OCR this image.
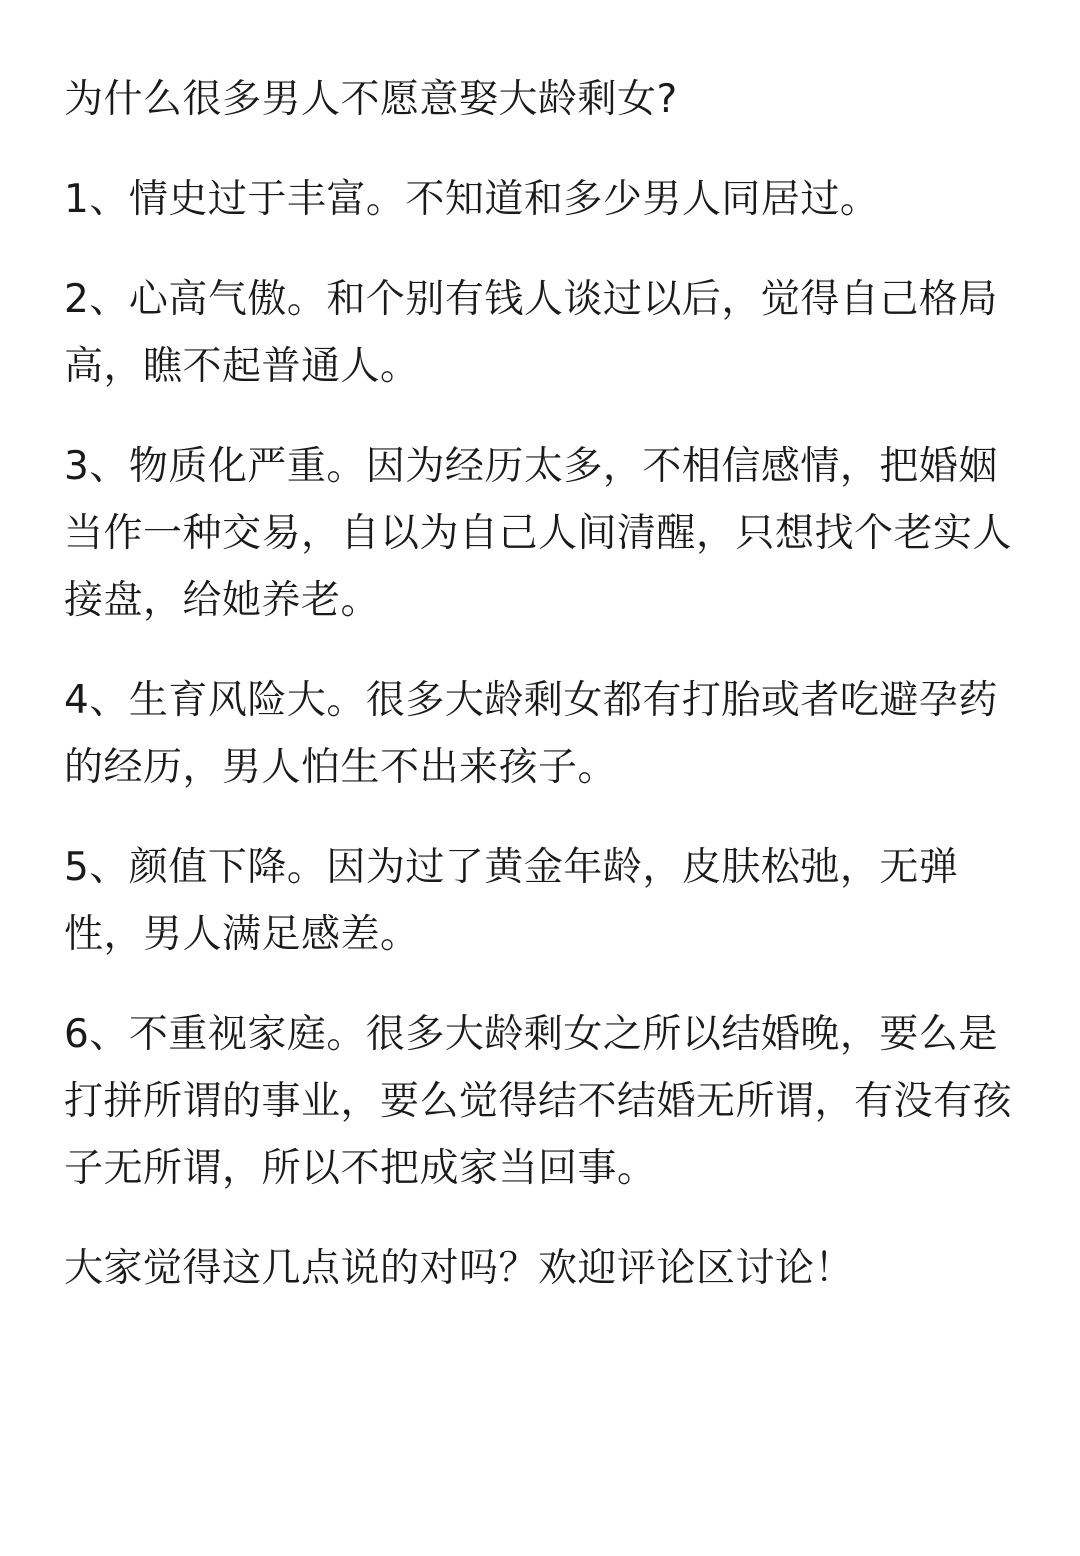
为什么很多男人不愿意娶大龄剩女?

1、情史过于丰富。不知道和多少男人同居过。

2、心高气傲。和个别有钱人谈过以后，觉得自己格局高，瞧不起普通人。

3、物质化严重。因为经历太多，不相信感情，把婚姻当作一种交易，自以为自己人间清醒，只想找个老实人接盘，给她养老。

4、生育风险大。很多大龄剩女都有打胎或者吃避孕药的经历，男人怕生不出来孩子。

5、颜值下降。因为过了黄金年龄，皮肤松弛，无弹性，男人满足感差。

6、不重视家庭。很多大龄剩女之所以结婚晚，要么是打拼所谓的事业，要么觉得结不结婚无所谓，有没有孩子无所谓，所以不把成家当回事。

大家觉得这几点说的对吗？欢迎评论区讨论！
